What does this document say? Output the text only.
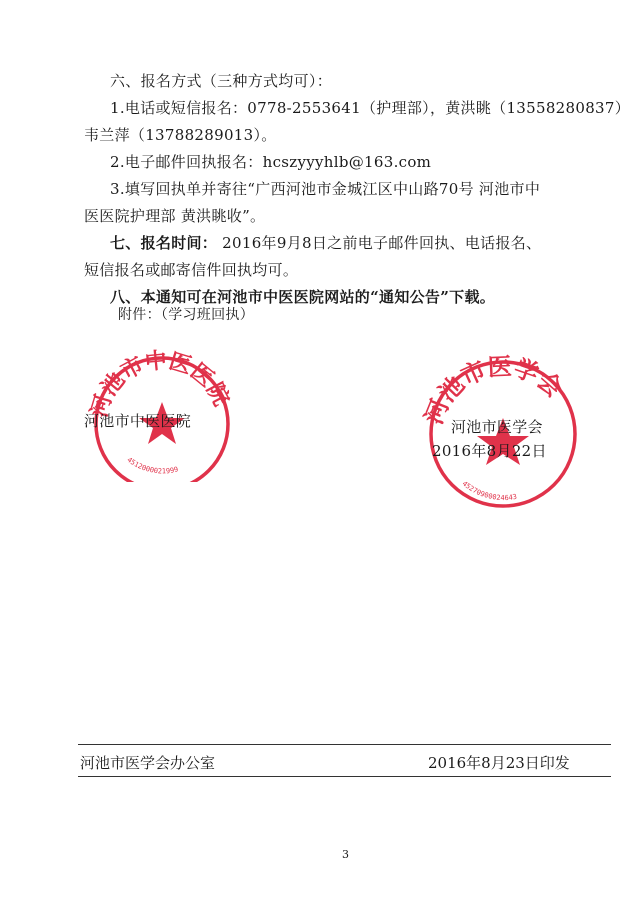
六、报名方式（三种方式均可）：
1.电话或短信报名：0778-2553641（护理部），黄洪眺（13558280837）
韦兰萍（13788289013）。
2.电子邮件回执报名：hcszyyyhlb@163.com
3.填写回执单并寄往“广西河池市金城江区中山路70号 河池市中
医医院护理部 黄洪眺收”。
七、报名时间： 2016年9月8日之前电子邮件回执、电话报名、
短信报名或邮寄信件回执均可。
八、本通知可在河池市中医医院网站的“通知公告”下载。
附件：（学习班回执）
河池市中医医院
4512000021999
河池市医学会
45270900024643
河池市中医医院	河池市医学会
2016年8月22日
河池市医学会办公室	2016年8月23日印发
3
